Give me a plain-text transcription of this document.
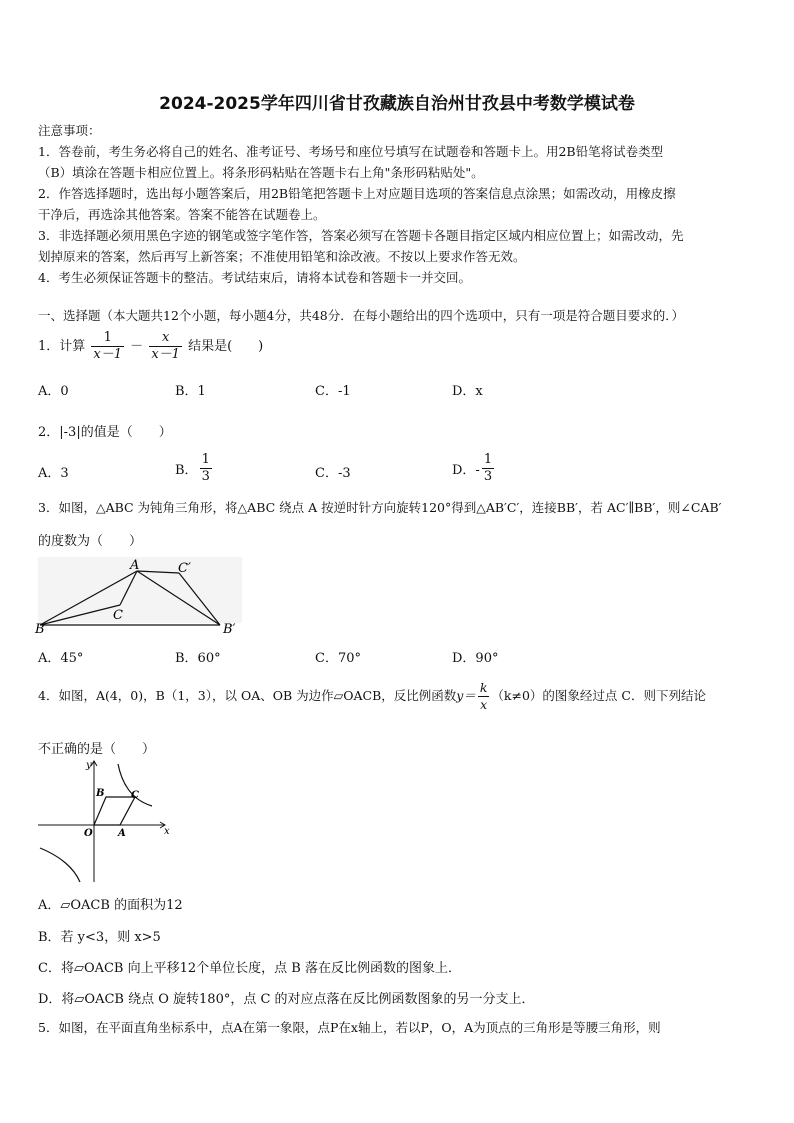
2024-2025学年四川省甘孜藏族自治州甘孜县中考数学模试卷

注意事项：

1．答卷前，考生务必将自己的姓名、准考证号、考场号和座位号填写在试题卷和答题卡上。用2B铅笔将试卷类型

（B）填涂在答题卡相应位置上。将条形码粘贴在答题卡右上角"条形码粘贴处"。

2．作答选择题时，选出每小题答案后，用2B铅笔把答题卡上对应题目选项的答案信息点涂黑；如需改动，用橡皮擦

干净后，再选涂其他答案。答案不能答在试题卷上。

3．非选择题必须用黑色字迹的钢笔或签字笔作答，答案必须写在答题卡各题目指定区域内相应位置上；如需改动，先

划掉原来的答案，然后再写上新答案；不准使用铅笔和涂改液。不按以上要求作答无效。

4．考生必须保证答题卡的整洁。考试结束后，请将本试卷和答题卡一并交回。

一、选择题（本大题共12个小题，每小题4分，共48分．在每小题给出的四个选项中，只有一项是符合题目要求的．）
1．计算 $\frac{1}{x-1} - \frac{x}{x-1}$ 结果是(　　)
A．0	B．1	C．-1	D．x
2．|-3|的值是（　　）
A．3	B． $\frac{1}{3}$	C．-3	D．- $\frac{1}{3}$
3．如图，△ABC 为钝角三角形，将△ABC 绕点 A 按逆时针方向旋转120°得到△AB′C′，连接BB′，若 AC′∥BB′，则∠CAB′
的度数为（　　）
A
B
C
B′
C′
A．45°	B．60°	C．70°	D．90°
4．如图，A(4，0)，B（1，3），以 OA、OB 为边作▱OACB，反比例函数$y= \frac{k}{x} (k\ne 0)$的图象经过点 C．则下列结论
不正确的是（　　）
y
x
O	A
B	C
A．▱OACB 的面积为12
B．若 y<3，则 x>5
C．将▱OACB 向上平移12个单位长度，点 B 落在反比例函数的图象上．
D．将▱OACB 绕点 O 旋转180°，点 C 的对应点落在反比例函数图象的另一分支上．
5．如图，在平面直角坐标系中，点A在第一象限，点P在x轴上，若以P，O，A为顶点的三角形是等腰三角形，则
